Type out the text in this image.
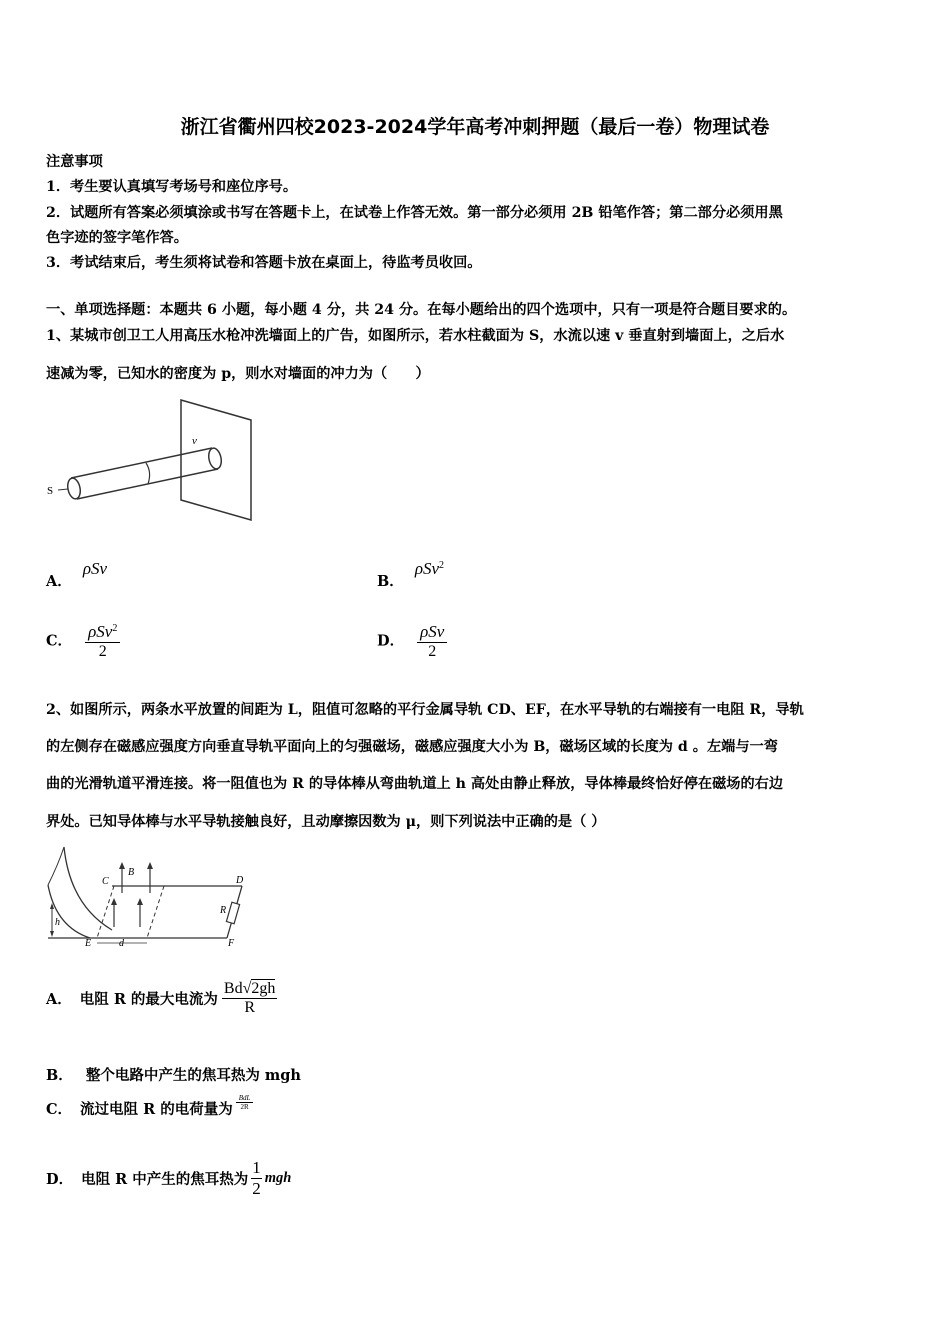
浙江省衢州四校2023-2024学年高考冲刺押题（最后一卷）物理试卷
注意事项
1．考生要认真填写考场号和座位序号。
2．试题所有答案必须填涂或书写在答题卡上，在试卷上作答无效。第一部分必须用 2B 铅笔作答；第二部分必须用黑
色字迹的签字笔作答。
3．考试结束后，考生须将试卷和答题卡放在桌面上，待监考员收回。
一、单项选择题：本题共 6 小题，每小题 4 分，共 24 分。在每小题给出的四个选项中，只有一项是符合题目要求的。
1、某城市创卫工人用高压水枪冲洗墙面上的广告，如图所示，若水柱截面为 S，水流以速 v 垂直射到墙面上，之后水
速减为零，已知水的密度为 p，则水对墙面的冲力为（　　）
S
v
A． ρSv
B． ρSv$^2$
C． $\frac{\rho Sv^2}{2}$	D． $\frac{\text{ρSv}}{2}$
2、如图所示，两条水平放置的间距为 L，阻值可忽略的平行金属导轨 CD、EF，在水平导轨的右端接有一电阻 R，导轨
的左侧存在磁感应强度方向垂直导轨平面向上的匀强磁场，磁感应强度大小为 B，磁场区域的长度为 d 。左端与一弯
曲的光滑轨道平滑连接。将一阻值也为 R 的导体棒从弯曲轨道上 h 高处由静止释放，导体棒最终恰好停在磁场的右边
界处。已知导体棒与水平导轨接触良好，且动摩擦因数为 μ，则下列说法中正确的是（ ）
C
B
D
R
h
E	d	F
A． 电阻 R 的最大电流为 $\frac{Bd√2gh}{R}$
B． 整个电路中产生的焦耳热为 mgh
C． 流过电阻 R 的电荷量为 $\frac{\text{BdL}}{2R}$
D． 电阻 R 中产生的焦耳热为 $\frac{1}{2}$ mgh
